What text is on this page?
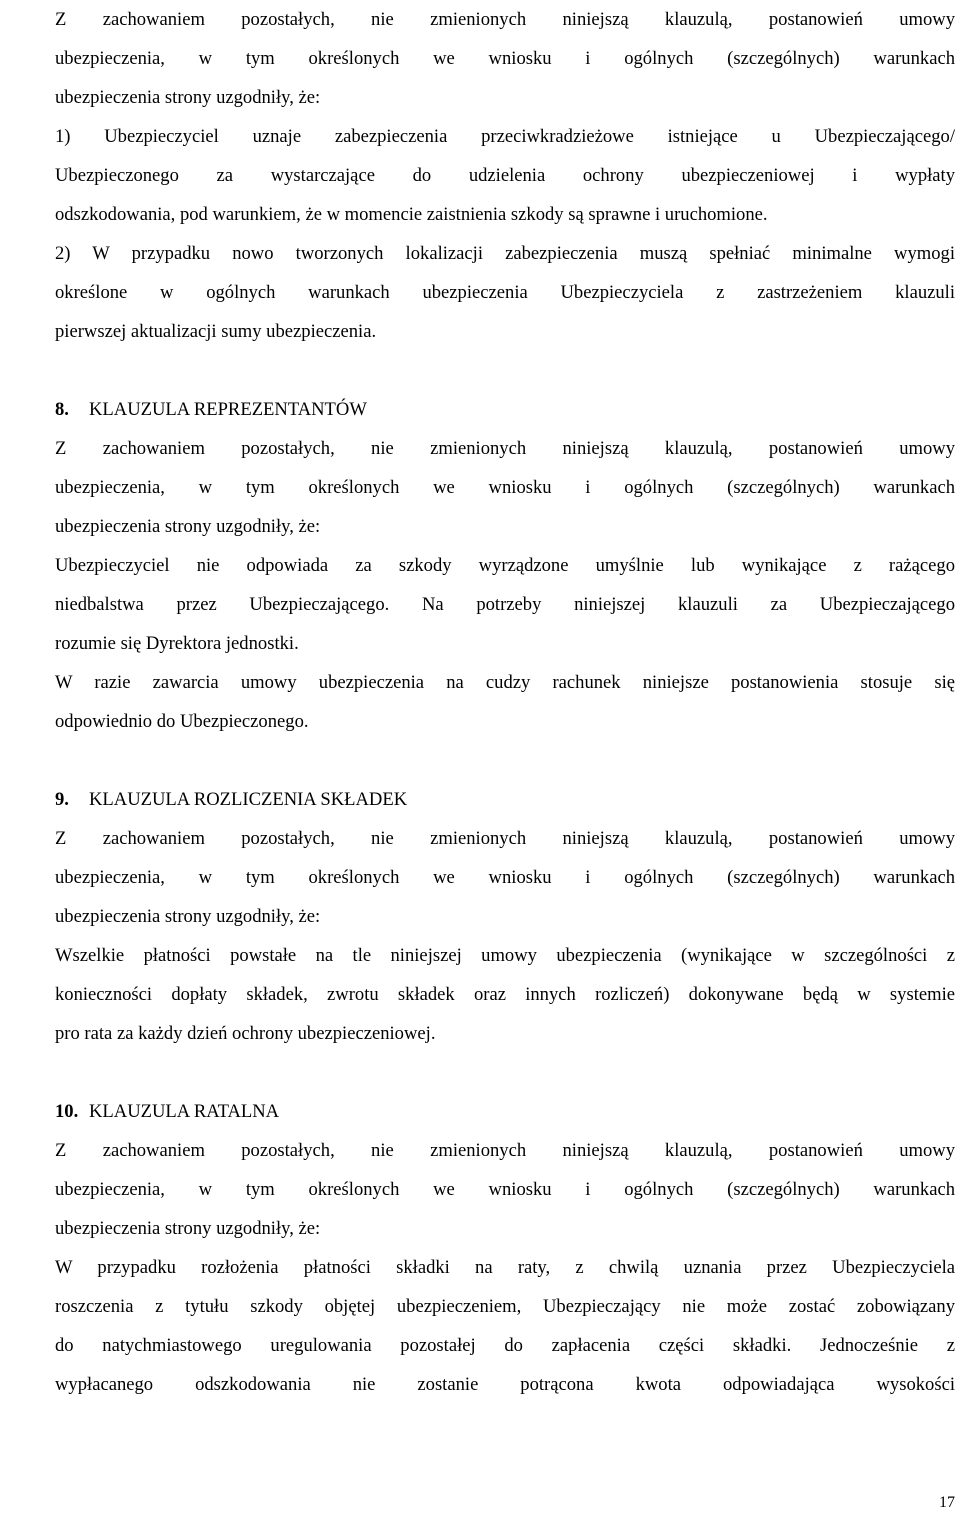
Z zachowaniem pozostałych, nie zmienionych niniejszą klauzulą, postanowień umowy
ubezpieczenia, w tym określonych we wniosku i ogólnych (szczególnych) warunkach
ubezpieczenia strony uzgodniły, że:
1) Ubezpieczyciel uznaje zabezpieczenia przeciwkradzieżowe istniejące u Ubezpieczającego/
Ubezpieczonego za wystarczające do udzielenia ochrony ubezpieczeniowej i wypłaty
odszkodowania, pod warunkiem, że w momencie zaistnienia szkody są sprawne i uruchomione.
2) W przypadku nowo tworzonych lokalizacji zabezpieczenia muszą spełniać minimalne wymogi
określone w ogólnych warunkach ubezpieczenia Ubezpieczyciela z zastrzeżeniem klauzuli
pierwszej aktualizacji sumy ubezpieczenia.
8.	KLAUZULA REPREZENTANTÓW
Z zachowaniem pozostałych, nie zmienionych niniejszą klauzulą, postanowień umowy
ubezpieczenia, w tym określonych we wniosku i ogólnych (szczególnych) warunkach
ubezpieczenia strony uzgodniły, że:
Ubezpieczyciel nie odpowiada za szkody wyrządzone umyślnie lub wynikające z rażącego
niedbalstwa przez Ubezpieczającego. Na potrzeby niniejszej klauzuli za Ubezpieczającego
rozumie się Dyrektora jednostki.
W razie zawarcia umowy ubezpieczenia na cudzy rachunek niniejsze postanowienia stosuje się
odpowiednio do Ubezpieczonego.
9.	KLAUZULA ROZLICZENIA SKŁADEK
Z zachowaniem pozostałych, nie zmienionych niniejszą klauzulą, postanowień umowy
ubezpieczenia, w tym określonych we wniosku i ogólnych (szczególnych) warunkach
ubezpieczenia strony uzgodniły, że:
Wszelkie płatności powstałe na tle niniejszej umowy ubezpieczenia (wynikające w szczególności z
konieczności dopłaty składek, zwrotu składek oraz innych rozliczeń) dokonywane będą w systemie
pro rata za każdy dzień ochrony ubezpieczeniowej.
10. KLAUZULA RATALNA
Z zachowaniem pozostałych, nie zmienionych niniejszą klauzulą, postanowień umowy
ubezpieczenia, w tym określonych we wniosku i ogólnych (szczególnych) warunkach
ubezpieczenia strony uzgodniły, że:
W przypadku rozłożenia płatności składki na raty, z chwilą uznania przez Ubezpieczyciela
roszczenia z tytułu szkody objętej ubezpieczeniem, Ubezpieczający nie może zostać zobowiązany
do natychmiastowego uregulowania pozostałej do zapłacenia części składki. Jednocześnie z
wypłacanego odszkodowania nie zostanie potrącona kwota odpowiadająca wysokości
17
